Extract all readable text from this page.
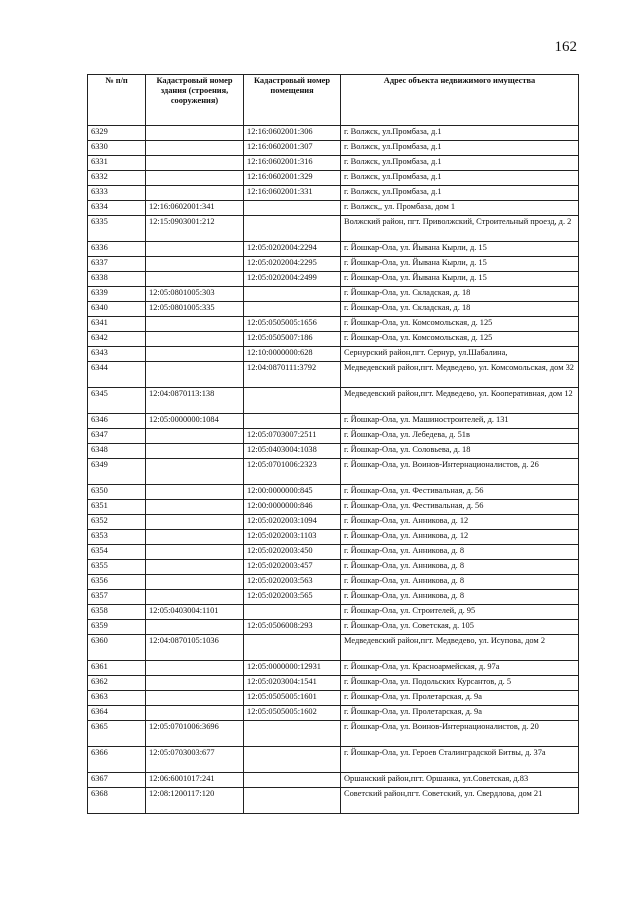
162
№ п/п	Кадастровый номер здания (строения, сооружения)	Кадастровый номер помещения	Адрес объекта недвижимого имущества
6329		12:16:0602001:306	г. Волжск, ул.Промбаза, д.1
6330		12:16:0602001:307	г. Волжск, ул.Промбаза, д.1
6331		12:16:0602001:316	г. Волжск, ул.Промбаза, д.1
6332		12:16:0602001:329	г. Волжск, ул.Промбаза, д.1
6333		12:16:0602001:331	г. Волжск, ул.Промбаза, д.1
6334	12:16:0602001:341		г. Волжск,, ул. Промбаза, дом 1
6335	12:15:0903001:212		Волжский район, пгт. Приволжский, Строительный проезд, д. 2
6336		12:05:0202004:2294	г. Йошкар-Ола, ул. Йывана Кырли, д. 15
6337		12:05:0202004:2295	г. Йошкар-Ола, ул. Йывана Кырли, д. 15
6338		12:05:0202004:2499	г. Йошкар-Ола, ул. Йывана Кырли, д. 15
6339	12:05:0801005:303		г. Йошкар-Ола, ул. Складская, д. 18
6340	12:05:0801005:335		г. Йошкар-Ола, ул. Складская, д. 18
6341		12:05:0505005:1656	г. Йошкар-Ола, ул. Комсомольская, д. 125
6342		12:05:0505007:186	г. Йошкар-Ола, ул. Комсомольская, д. 125
6343		12:10:0000000:628	Сернурский район,пгт. Сернур, ул.Шабалина,
6344		12:04:0870111:3792	Медведевский район,пгт. Медведево, ул. Комсомольская, дом 32
6345	12:04:0870113:138		Медведевский район,пгт. Медведево, ул. Кооперативная, дом 12
6346	12:05:0000000:1084		г. Йошкар-Ола, ул. Машиностроителей, д. 131
6347		12:05:0703007:2511	г. Йошкар-Ола, ул. Лебедева, д. 51в
6348		12:05:0403004:1038	г. Йошкар-Ола, ул. Соловьева, д. 18
6349		12:05:0701006:2323	г. Йошкар-Ола, ул. Воинов-Интернационалистов, д. 26
6350		12:00:0000000:845	г. Йошкар-Ола, ул. Фестивальная, д. 56
6351		12:00:0000000:846	г. Йошкар-Ола, ул. Фестивальная, д. 56
6352		12:05:0202003:1094	г. Йошкар-Ола, ул. Анникова, д. 12
6353		12:05:0202003:1103	г. Йошкар-Ола, ул. Анникова, д. 12
6354		12:05:0202003:450	г. Йошкар-Ола, ул. Анникова, д. 8
6355		12:05:0202003:457	г. Йошкар-Ола, ул. Анникова, д. 8
6356		12:05:0202003:563	г. Йошкар-Ола, ул. Анникова, д. 8
6357		12:05:0202003:565	г. Йошкар-Ола, ул. Анникова, д. 8
6358	12:05:0403004:1101		г. Йошкар-Ола, ул. Строителей, д. 95
6359		12:05:0506008:293	г. Йошкар-Ола, ул. Советская, д. 105
6360	12:04:0870105:1036		Медведевский район,пгт. Медведево, ул. Исупова, дом 2
6361		12:05:0000000:12931	г. Йошкар-Ола, ул. Красноармейская, д. 97а
6362		12:05:0203004:1541	г. Йошкар-Ола, ул. Подольских Курсантов, д. 5
6363		12:05:0505005:1601	г. Йошкар-Ола, ул. Пролетарская, д. 9а
6364		12:05:0505005:1602	г. Йошкар-Ола, ул. Пролетарская, д. 9а
6365	12:05:0701006:3696		г. Йошкар-Ола, ул. Воинов-Интернационалистов, д. 20
6366	12:05:0703003:677		г. Йошкар-Ола, ул. Героев Сталинградской Битвы, д. 37а
6367	12:06:6001017:241		Оршанский район,пгт. Оршанка, ул.Советская, д.83
6368	12:08:1200117:120		Советский район,пгт. Советский, ул. Свердлова, дом 21
